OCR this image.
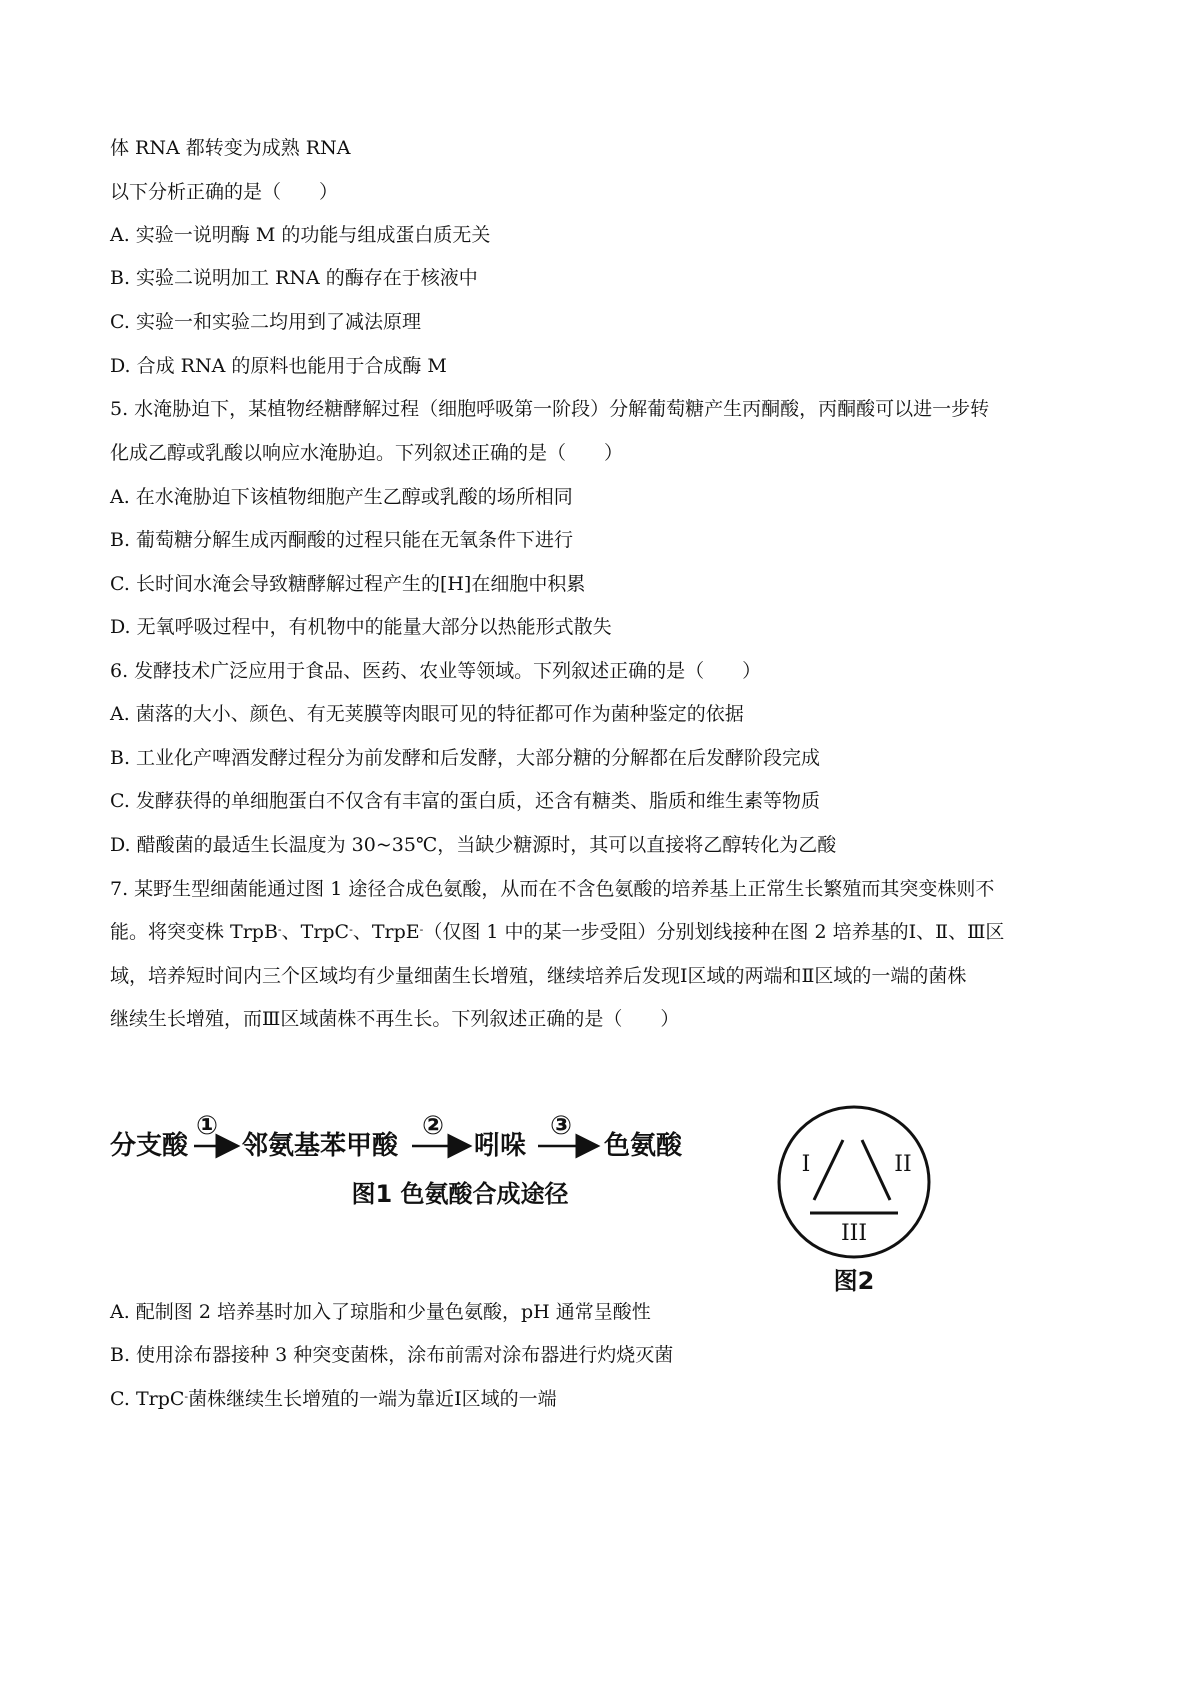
体 RNA 都转变为成熟 RNA
以下分析正确的是（　　）
A. 实验一说明酶 M 的功能与组成蛋白质无关
B. 实验二说明加工 RNA 的酶存在于核液中
C. 实验一和实验二均用到了减法原理
D. 合成 RNA 的原料也能用于合成酶 M
5. 水淹胁迫下，某植物经糖酵解过程（细胞呼吸第一阶段）分解葡萄糖产生丙酮酸，丙酮酸可以进一步转
化成乙醇或乳酸以响应水淹胁迫。下列叙述正确的是（　　）
A. 在水淹胁迫下该植物细胞产生乙醇或乳酸的场所相同
B. 葡萄糖分解生成丙酮酸的过程只能在无氧条件下进行
C. 长时间水淹会导致糖酵解过程产生的[H]在细胞中积累
D. 无氧呼吸过程中，有机物中的能量大部分以热能形式散失
6. 发酵技术广泛应用于食品、医药、农业等领域。下列叙述正确的是（　　）
A. 菌落的大小、颜色、有无荚膜等肉眼可见的特征都可作为菌种鉴定的依据
B. 工业化产啤酒发酵过程分为前发酵和后发酵，大部分糖的分解都在后发酵阶段完成
C. 发酵获得的单细胞蛋白不仅含有丰富的蛋白质，还含有糖类、脂质和维生素等物质
D. 醋酸菌的最适生长温度为 30~35℃，当缺少糖源时，其可以直接将乙醇转化为乙酸
7. 某野生型细菌能通过图 1 途径合成色氨酸，从而在不含色氨酸的培养基上正常生长繁殖而其突变株则不
能。将突变株 TrpB-、TrpC-、TrpE-（仅图 1 中的某一步受阻）分别划线接种在图 2 培养基的Ⅰ、Ⅱ、Ⅲ区
域，培养短时间内三个区域均有少量细菌生长增殖，继续培养后发现Ⅰ区域的两端和Ⅱ区域的一端的菌株
继续生长增殖，而Ⅲ区域菌株不再生长。下列叙述正确的是（　　）
分支酸
①
邻氨基苯甲酸
②
吲哚
③
色氨酸
图1 色氨酸合成途径
I	II
III
图2
A. 配制图 2 培养基时加入了琼脂和少量色氨酸，pH 通常呈酸性
B. 使用涂布器接种 3 种突变菌株，涂布前需对涂布器进行灼烧灭菌
C. TrpC-菌株继续生长增殖的一端为靠近Ⅰ区域的一端
